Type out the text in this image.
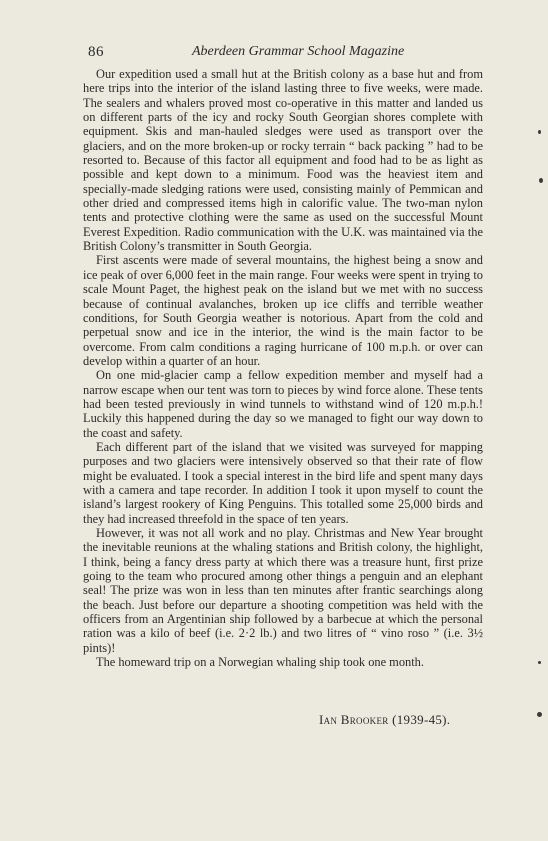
86	Aberdeen Grammar School Magazine

Our expedition used a small hut at the British colony as a base hut and from here trips into the interior of the island lasting three to five weeks, were made. The sealers and whalers proved most co-operative in this matter and landed us on different parts of the icy and rocky South Georgian shores complete with equipment. Skis and man-hauled sledges were used as transport over the glaciers, and on the more broken-up or rocky terrain “ back packing ” had to be resorted to. Because of this factor all equipment and food had to be as light as possible and kept down to a minimum. Food was the heaviest item and specially-made sledging rations were used, consisting mainly of Pemmican and other dried and compressed items high in calorific value. The two-man nylon tents and protective clothing were the same as used on the successful Mount Everest Expedition. Radio communication with the U.K. was maintained via the British Colony’s transmitter in South Georgia.

First ascents were made of several mountains, the highest being a snow and ice peak of over 6,000 feet in the main range. Four weeks were spent in trying to scale Mount Paget, the highest peak on the island but we met with no success because of continual avalanches, broken up ice cliffs and terrible weather conditions, for South Georgia weather is notorious. Apart from the cold and perpetual snow and ice in the interior, the wind is the main factor to be overcome. From calm conditions a raging hurricane of 100 m.p.h. or over can develop within a quarter of an hour.

On one mid-glacier camp a fellow expedition member and myself had a narrow escape when our tent was torn to pieces by wind force alone. These tents had been tested previously in wind tunnels to withstand wind of 120 m.p.h.! Luckily this happened during the day so we managed to fight our way down to the coast and safety.

Each different part of the island that we visited was surveyed for mapping purposes and two glaciers were intensively observed so that their rate of flow might be evaluated. I took a special interest in the bird life and spent many days with a camera and tape recorder. In addition I took it upon myself to count the island’s largest rookery of King Penguins. This totalled some 25,000 birds and they had increased threefold in the space of ten years.

However, it was not all work and no play. Christmas and New Year brought the inevitable reunions at the whaling stations and British colony, the highlight, I think, being a fancy dress party at which there was a treasure hunt, first prize going to the team who procured among other things a penguin and an elephant seal! The prize was won in less than ten minutes after frantic searchings along the beach. Just before our departure a shooting competition was held with the officers from an Argentinian ship followed by a barbecue at which the personal ration was a kilo of beef (i.e. 2·2 lb.) and two litres of “ vino roso ” (i.e. 3½ pints)!

The homeward trip on a Norwegian whaling ship took one month.

Ian Brooker (1939-45).
